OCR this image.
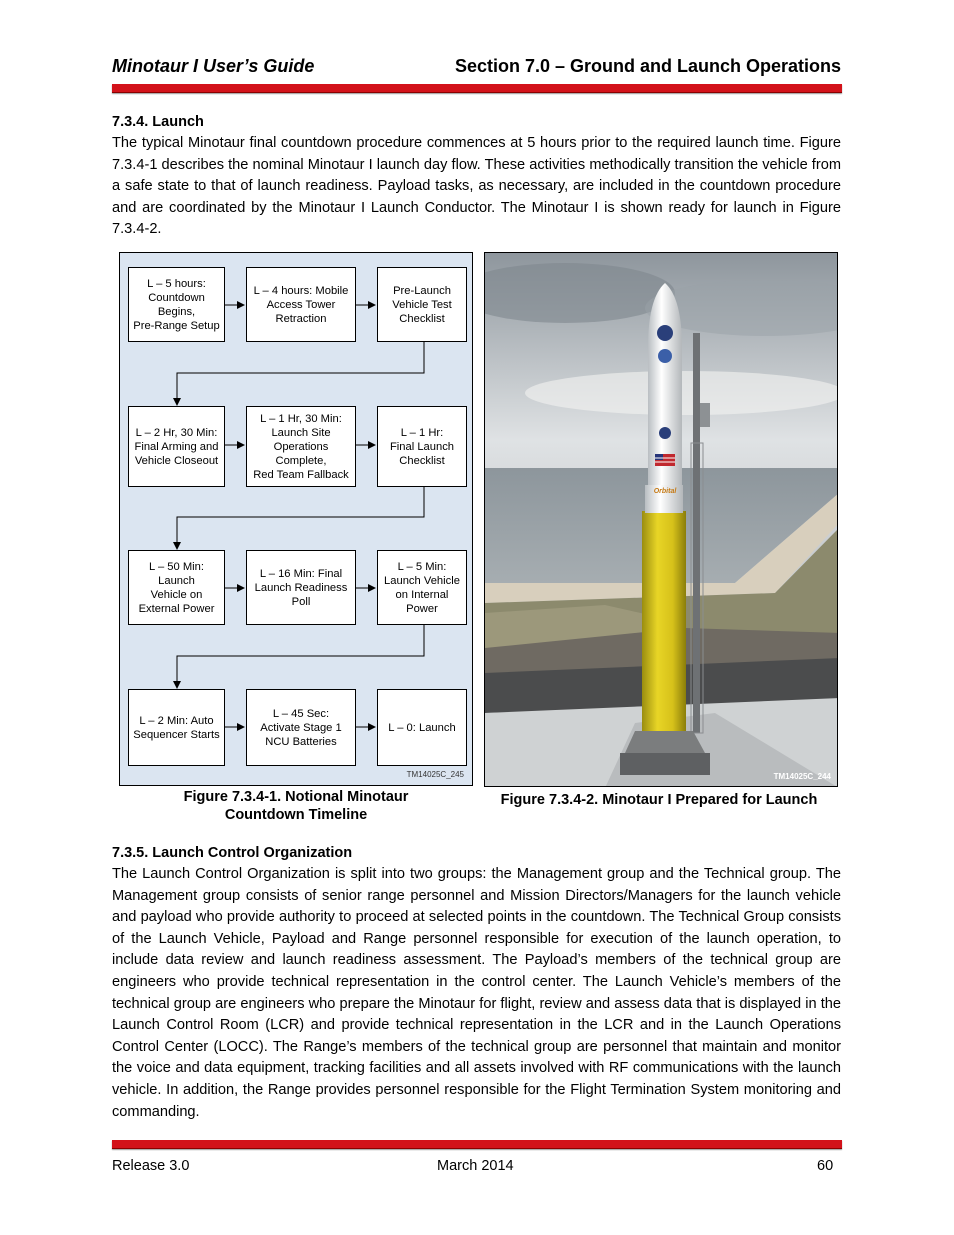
Minotaur I User’s Guide	Section 7.0 – Ground and Launch Operations
7.3.4. Launch
The typical Minotaur final countdown procedure commences at 5 hours prior to the required launch time. Figure 7.3.4-1 describes the nominal Minotaur I launch day flow. These activities methodically transition the vehicle from a safe state to that of launch readiness. Payload tasks, as necessary, are included in the countdown procedure and are coordinated by the Minotaur I Launch Conductor. The Minotaur I is shown ready for launch in Figure 7.3.4-2.
L – 5 hours:
Countdown Begins,
Pre-Range Setup
L – 4 hours: Mobile
Access Tower
Retraction
Pre-Launch
Vehicle Test
Checklist
L – 2 Hr, 30 Min:
Final Arming and
Vehicle Closeout
L – 1 Hr, 30 Min:
Launch Site
Operations Complete,
Red Team Fallback
L – 1 Hr:
Final Launch
Checklist
L – 50 Min: Launch
Vehicle on
External Power
L – 16 Min: Final
Launch Readiness
Poll
L – 5 Min:
Launch Vehicle
on Internal
Power
L – 2 Min: Auto
Sequencer Starts
L – 45 Sec:
Activate Stage 1
NCU Batteries
L – 0: Launch
TM14025C_245
Orbital
TM14025C_244
Figure 7.3.4-1. Notional Minotaur
Countdown Timeline
Figure 7.3.4-2. Minotaur I Prepared for Launch
7.3.5. Launch Control Organization
The Launch Control Organization is split into two groups: the Management group and the Technical group. The Management group consists of senior range personnel and Mission Directors/Managers for the launch vehicle and payload who provide authority to proceed at selected points in the countdown. The Technical Group consists of the Launch Vehicle, Payload and Range personnel responsible for execution of the launch operation, to include data review and launch readiness assessment. The Payload’s members of the technical group are engineers who provide technical representation in the control center. The Launch Vehicle’s members of the technical group are engineers who prepare the Minotaur for flight, review and assess data that is displayed in the Launch Control Room (LCR) and provide technical representation in the LCR and in the Launch Operations Control Center (LOCC). The Range’s members of the technical group are personnel that maintain and monitor the voice and data equipment, tracking facilities and all assets involved with RF communications with the launch vehicle. In addition, the Range provides personnel responsible for the Flight Termination System monitoring and commanding.
Release 3.0	March 2014	60
